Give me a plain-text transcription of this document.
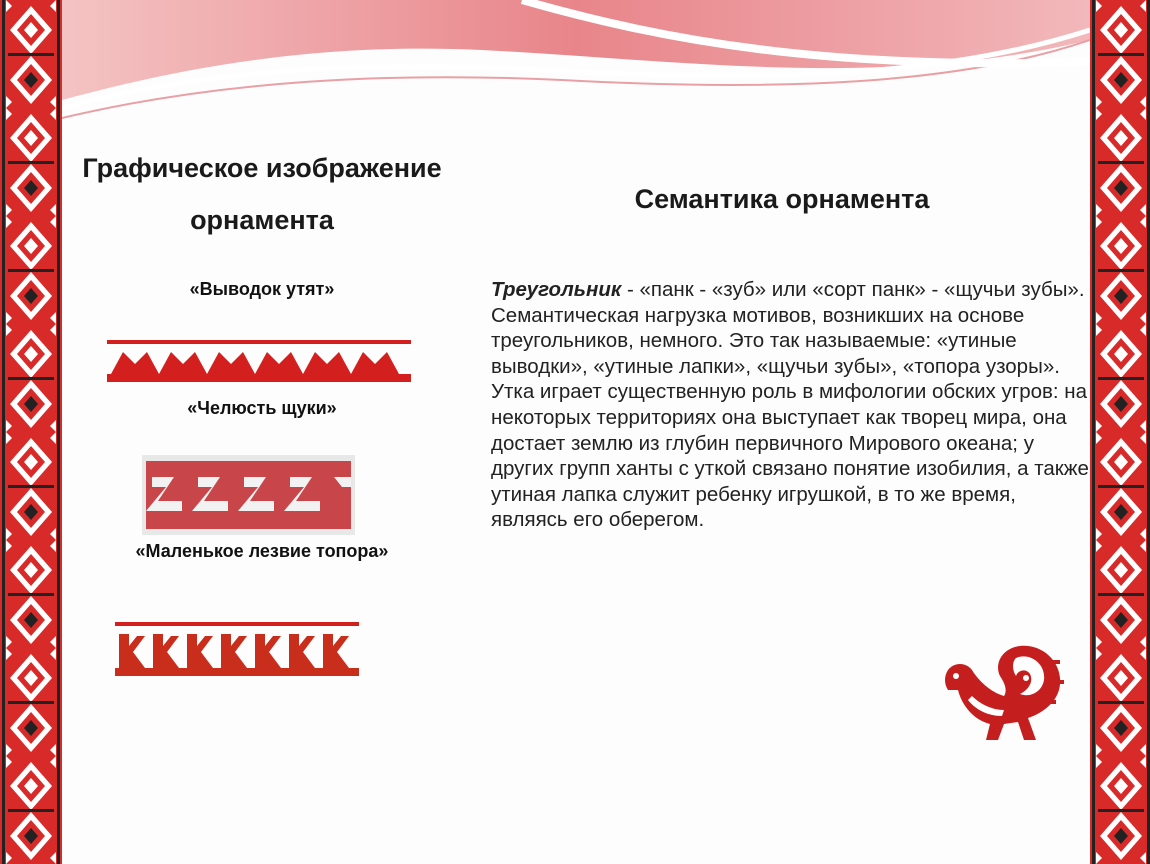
Графическое изображение орнамента
Семантика орнамента
«Выводок утят»
«Челюсть щуки»
«Маленькое лезвие топора»
Треугольник - «панк - «зуб» или «сорт панк» - «щучьи зубы». Семантическая нагрузка мотивов, возникших на основе треугольников, немного. Это так называемые: «утиные выводки», «утиные лапки», «щучьи зубы», «топора узоры». Утка играет существенную роль в мифологии обских угров: на некоторых территориях она выступает как творец мира, она достает землю из глубин первичного Мирового океана; у других групп ханты с уткой связано понятие изобилия, а также утиная лапка служит ребенку игрушкой, в то же время, являясь его оберегом.
